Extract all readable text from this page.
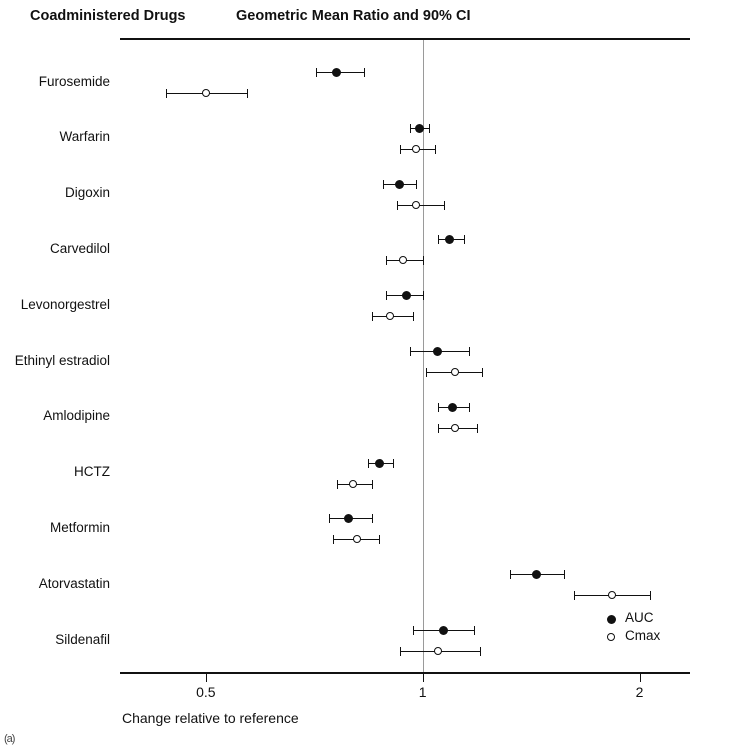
Coadministered Drugs	Geometric Mean Ratio and 90% CI
0.5	1	2
Change relative to reference
Furosemide
Warfarin
Digoxin
Carvedilol
Levonorgestrel
Ethinyl estradiol
Amlodipine
HCTZ
Metformin
Atorvastatin
Sildenafil
AUC
Cmax
(a)
